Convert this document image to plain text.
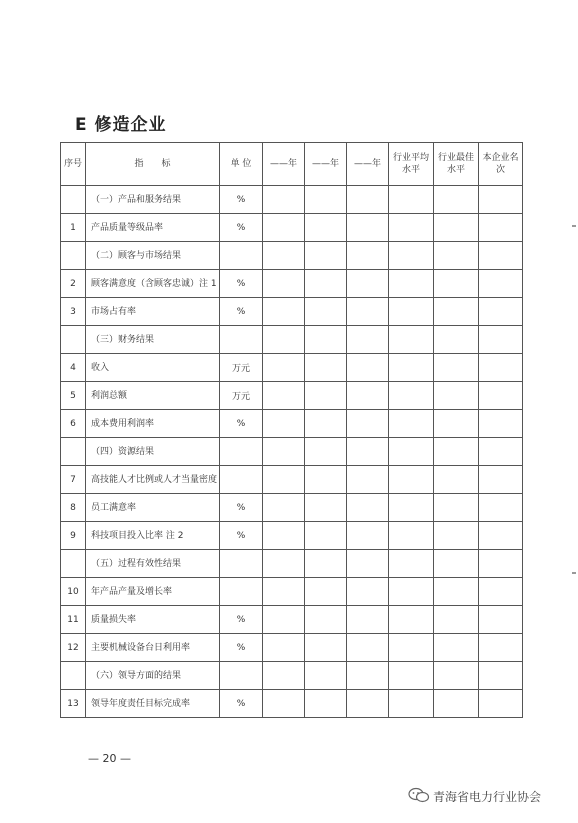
E 修造企业
序号	指　　标	单 位	——年	——年	——年	行业平均水平	行业最佳水平	本企业名次
	（一）产品和服务结果	%						
1	产品质量等级品率	%						
	（二）顾客与市场结果							
2	顾客满意度（含顾客忠诚）注 1	%						
3	市场占有率	%						
	（三）财务结果							
4	收入	万元						
5	利润总额	万元						
6	成本费用利润率	%						
	（四）资源结果							
7	高技能人才比例或人才当量密度							
8	员工满意率	%						
9	科技项目投入比率 注 2	%						
	（五）过程有效性结果							
10	年产品产量及增长率							
11	质量损失率	%						
12	主要机械设备台日利用率	%						
	（六）领导方面的结果							
13	领导年度责任目标完成率	%						
— 20 —
青海省电力行业协会
